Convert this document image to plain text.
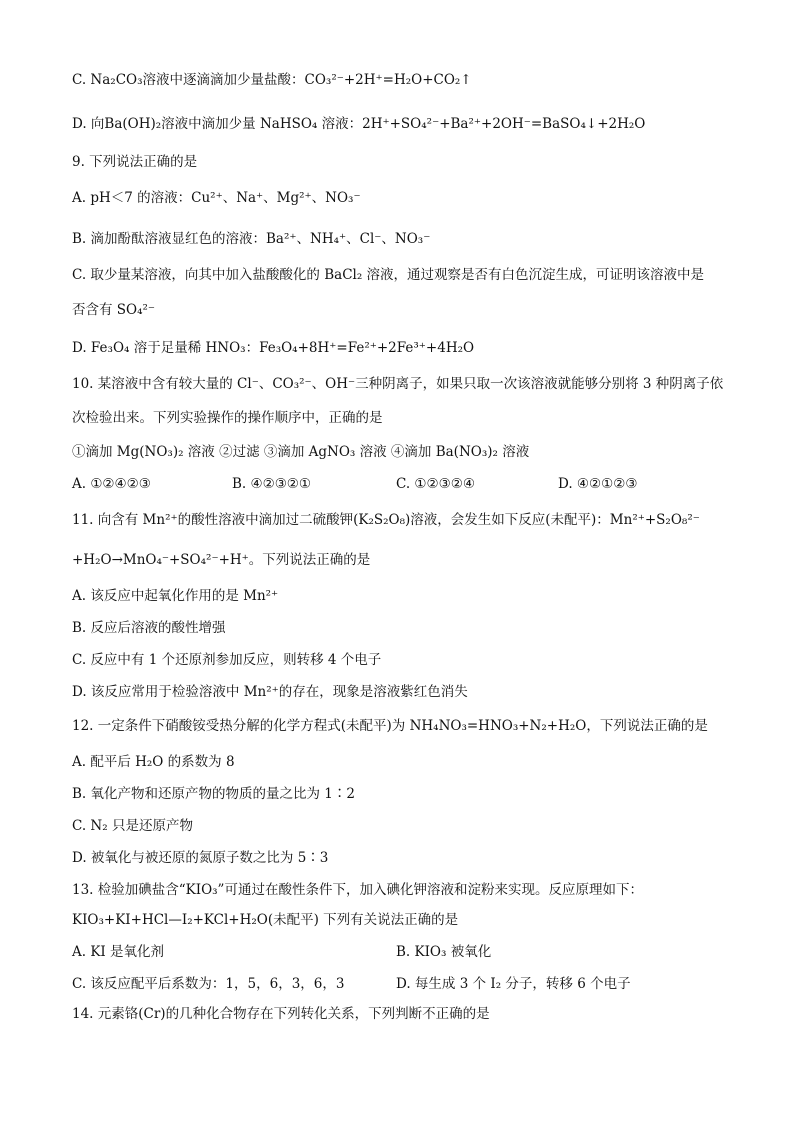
C. Na₂CO₃溶液中逐滴滴加少量盐酸：CO₃²⁻+2H⁺=H₂O+CO₂↑
D. 向Ba(OH)₂溶液中滴加少量 NaHSO₄ 溶液：2H⁺+SO₄²⁻+Ba²⁺+2OH⁻=BaSO₄↓+2H₂O
9. 下列说法正确的是
A. pH＜7 的溶液：Cu²⁺、Na⁺、Mg²⁺、NO₃⁻
B. 滴加酚酞溶液显红色的溶液：Ba²⁺、NH₄⁺、Cl⁻、NO₃⁻
C. 取少量某溶液，向其中加入盐酸酸化的 BaCl₂ 溶液，通过观察是否有白色沉淀生成，可证明该溶液中是
否含有 SO₄²⁻
D. Fe₃O₄ 溶于足量稀 HNO₃：Fe₃O₄+8H⁺=Fe²⁺+2Fe³⁺+4H₂O
10. 某溶液中含有较大量的 Cl⁻、CO₃²⁻、OH⁻三种阴离子，如果只取一次该溶液就能够分别将 3 种阴离子依
次检验出来。下列实验操作的操作顺序中，正确的是
①滴加 Mg(NO₃)₂ 溶液 ②过滤 ③滴加 AgNO₃ 溶液 ④滴加 Ba(NO₃)₂ 溶液
A. ①②④②③	B. ④②③②①	C. ①②③②④	D. ④②①②③
11. 向含有 Mn²⁺的酸性溶液中滴加过二硫酸钾(K₂S₂O₈)溶液，会发生如下反应(未配平)：Mn²⁺+S₂O₈²⁻
+H₂O→MnO₄⁻+SO₄²⁻+H⁺。下列说法正确的是
A. 该反应中起氧化作用的是 Mn²⁺
B. 反应后溶液的酸性增强
C. 反应中有 1 个还原剂参加反应，则转移 4 个电子
D. 该反应常用于检验溶液中 Mn²⁺的存在，现象是溶液紫红色消失
12. 一定条件下硝酸铵受热分解的化学方程式(未配平)为 NH₄NO₃=HNO₃+N₂+H₂O，下列说法正确的是
A. 配平后 H₂O 的系数为 8
B. 氧化产物和还原产物的物质的量之比为 1∶2
C. N₂ 只是还原产物
D. 被氧化与被还原的氮原子数之比为 5∶3
13. 检验加碘盐含“KIO₃”可通过在酸性条件下，加入碘化钾溶液和淀粉来实现。反应原理如下：
KIO₃+KI+HCl—I₂+KCl+H₂O(未配平) 下列有关说法正确的是
A. KI 是氧化剂	B. KIO₃ 被氧化
C. 该反应配平后系数为：1，5，6，3，6，3	D. 每生成 3 个 I₂ 分子，转移 6 个电子
14. 元素铬(Cr)的几种化合物存在下列转化关系，下列判断不正确的是
